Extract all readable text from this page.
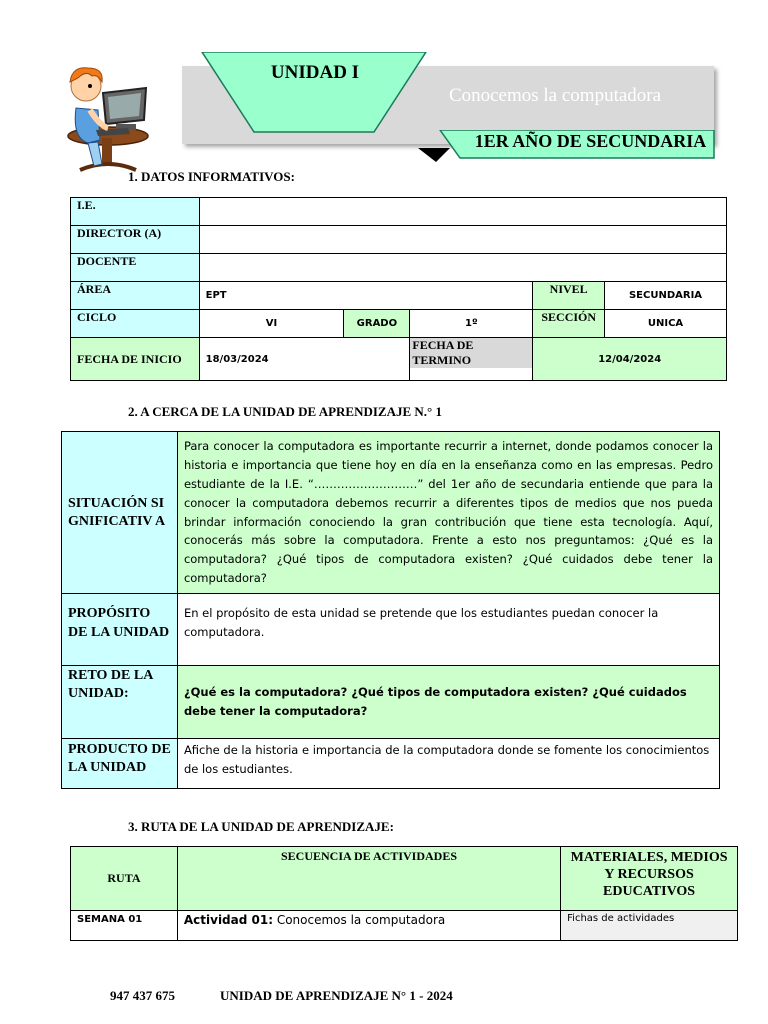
UNIDAD I
Conocemos la computadora
1ER AÑO DE SECUNDARIA
1. DATOS INFORMATIVOS:
I.E.					
DIRECTOR (A)					
DOCENTE					
ÁREA	EPT			NIVEL	SECUNDARIA
CICLO	VI	GRADO	1º	SECCIÓN	UNICA
FECHA DE INICIO	18/03/2024		FECHA DE TERMINO	12/04/2024	
2. A CERCA DE LA UNIDAD DE APRENDIZAJE N.° 1
SITUACIÓN SIGNIFICATIV A	Para conocer la computadora es importante recurrir a internet, donde podamos conocer la historia e importancia que tiene hoy en día en la enseñanza como en las empresas. Pedro estudiante de la I.E. “………………………” del 1er año de secundaria entiende que para la conocer la computadora debemos recurrir a diferentes tipos de medios que nos pueda brindar información conociendo la gran contribución que tiene esta tecnología. Aquí, conocerás más sobre la computadora. Frente a esto nos preguntamos: ¿Qué es la computadora? ¿Qué tipos de computadora existen? ¿Qué cuidados debe tener la computadora?
PROPÓSITO DE LA UNIDAD	En el propósito de esta unidad se pretende que los estudiantes puedan conocer la computadora.
RETO DE LA UNIDAD:	¿Qué es la computadora? ¿Qué tipos de computadora existen? ¿Qué cuidados debe tener la computadora?
PRODUCTO DE LA UNIDAD	Afiche de la historia e importancia de la computadora donde se fomente los conocimientos de los estudiantes.
3. RUTA DE LA UNIDAD DE APRENDIZAJE:
RUTA	SECUENCIA DE ACTIVIDADES	MATERIALES, MEDIOS Y RECURSOS EDUCATIVOS
SEMANA 01	Actividad 01: Conocemos la computadora	Fichas de actividades
947 437 675	UNIDAD DE APRENDIZAJE N° 1 - 2024
